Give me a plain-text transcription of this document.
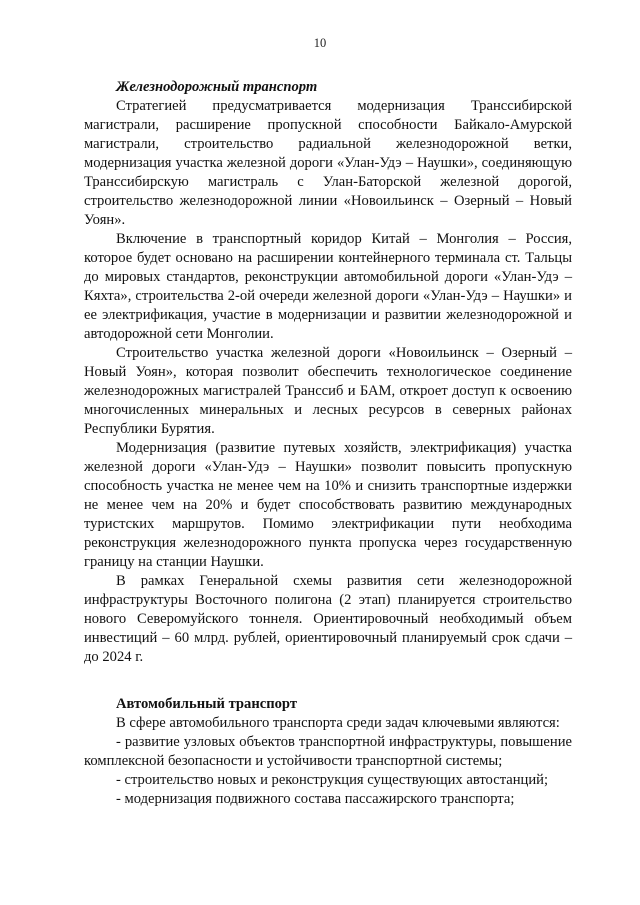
10
Железнодорожный транспорт

Стратегией предусматривается модернизация Транссибирской магистрали, расширение пропускной способности Байкало-Амурской магистрали, строительство радиальной железнодорожной ветки, модернизация участка железной дороги «Улан-Удэ – Наушки», соединяющую Транссибирскую магистраль с Улан-Баторской железной дорогой, строительство железнодорожной линии «Новоильинск – Озерный – Новый Уоян».

Включение в транспортный коридор Китай – Монголия – Россия, которое будет основано на расширении контейнерного терминала ст. Тальцы до мировых стандартов, реконструкции автомобильной дороги «Улан-Удэ – Кяхта», строительства 2-ой очереди железной дороги «Улан-Удэ – Наушки» и ее электрификация, участие в модернизации и развитии железнодорожной и автодорожной сети Монголии.

Строительство участка железной дороги «Новоильинск – Озерный – Новый Уоян», которая позволит обеспечить технологическое соединение железнодорожных магистралей Транссиб и БАМ, откроет доступ к освоению многочисленных минеральных и лесных ресурсов в северных районах Республики Бурятия.

Модернизация (развитие путевых хозяйств, электрификация) участка железной дороги «Улан-Удэ – Наушки» позволит повысить пропускную способность участка не менее чем на 10% и снизить транспортные издержки не менее чем на 20% и будет способствовать развитию международных туристских маршрутов. Помимо электрификации пути необходима реконструкция железнодорожного пункта пропуска через государственную границу на станции Наушки.

В рамках Генеральной схемы развития сети железнодорожной инфраструктуры Восточного полигона (2 этап) планируется строительство нового Северомуйского тоннеля. Ориентировочный необходимый объем инвестиций – 60 млрд. рублей, ориентировочный планируемый срок сдачи – до 2024 г.

Автомобильный транспорт

В сфере автомобильного транспорта среди задач ключевыми являются:

- развитие узловых объектов транспортной инфраструктуры, повышение комплексной безопасности и устойчивости транспортной системы;
- строительство новых и реконструкция существующих автостанций;
- модернизация подвижного состава пассажирского транспорта;
